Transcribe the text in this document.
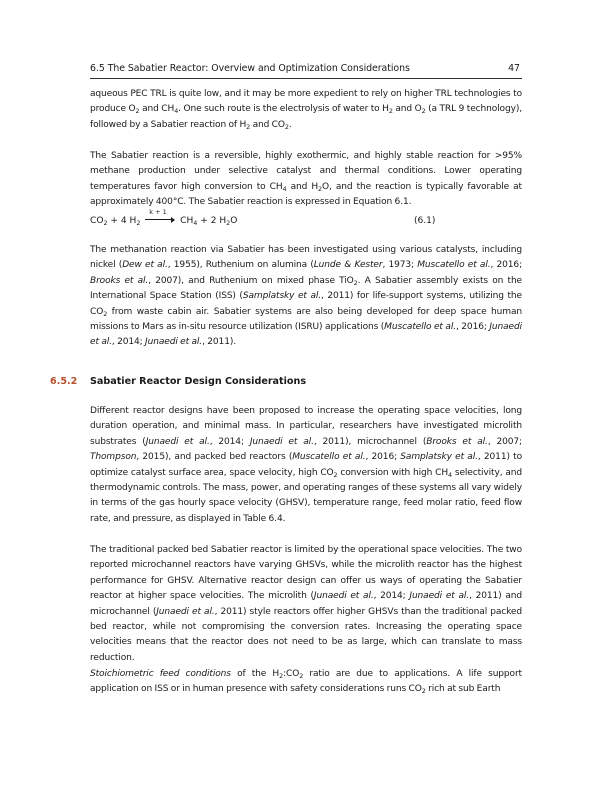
6.5 The Sabatier Reactor: Overview and Optimization Considerations	47
aqueous PEC TRL is quite low, and it may be more expedient to rely on higher TRL technologies to produce $O_2$ and $CH_4$. One such route is the electrolysis of water to $H_2$ and $O_2$ (a TRL 9 technology), followed by a Sabatier reaction of $H_2$ and $CO_2$.
The Sabatier reaction is a reversible, highly exothermic, and highly stable reaction for >95% methane production under selective catalyst and thermal conditions. Lower operating temperatures favor high conversion to $CH_4$ and $H_2O$, and the reaction is typically favorable at approximately 400°C. The Sabatier reaction is expressed in Equation 6.1.
$CO_2 + 4$ $H_2$
k + 1
$CH_4 + 2$ $H_2O$	(6.1)
The methanation reaction via Sabatier has been investigated using various catalysts, including nickel (Dew et al., 1955), Ruthenium on alumina (Lunde & Kester, 1973; Muscatello et al., 2016; Brooks et al., 2007), and Ruthenium on mixed phase TiO$_2$. A Sabatier assembly exists on the International Space Station (ISS) (Samplatsky et al., 2011) for life-support systems, utilizing the $CO_2$ from waste cabin air. Sabatier systems are also being developed for deep space human missions to Mars as in-situ resource utilization (ISRU) applications (Muscatello et al., 2016; Junaedi et al., 2014; Junaedi et al., 2011).
6.5.2 Sabatier Reactor Design Considerations
Different reactor designs have been proposed to increase the operating space velocities, long duration operation, and minimal mass. In particular, researchers have investigated microlith substrates (Junaedi et al., 2014; Junaedi et al., 2011), microchannel (Brooks et al., 2007; Thompson, 2015), and packed bed reactors (Muscatello et al., 2016; Samplatsky et al., 2011) to optimize catalyst surface area, space velocity, high $CO_2$ conversion with high $CH_4$ selectivity, and thermodynamic controls. The mass, power, and operating ranges of these systems all vary widely in terms of the gas hourly space velocity (GHSV), temperature range, feed molar ratio, feed flow rate, and pressure, as displayed in Table 6.4.
The traditional packed bed Sabatier reactor is limited by the operational space velocities. The two reported microchannel reactors have varying GHSVs, while the microlith reactor has the highest performance for GHSV. Alternative reactor design can offer us ways of operating the Sabatier reactor at higher space velocities. The microlith (Junaedi et al., 2014; Junaedi et al., 2011) and microchannel (Junaedi et al., 2011) style reactors offer higher GHSVs than the traditional packed bed reactor, while not compromising the conversion rates. Increasing the operating space velocities means that the reactor does not need to be as large, which can translate to mass reduction.
Stoichiometric feed conditions of the $H_2:CO_2$ ratio are due to applications. A life support application on ISS or in human presence with safety considerations runs $CO_2$ rich at sub Earth
